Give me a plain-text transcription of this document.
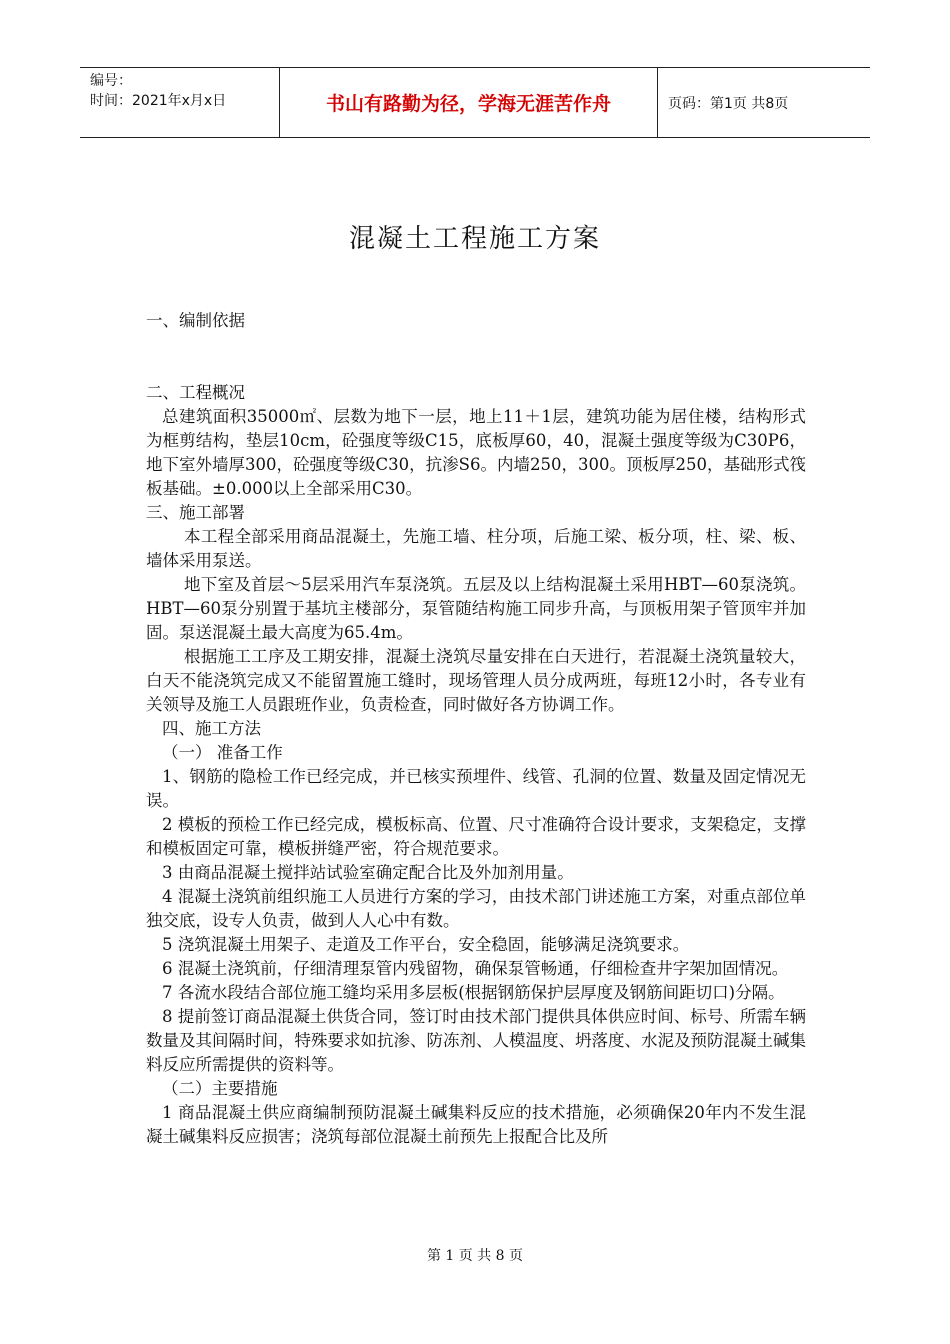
编号：
时间：2021年x月x日	书山有路勤为径，学海无涯苦作舟	页码：第1页 共8页
混凝土工程施工方案

一、编制依据

二、工程概况

总建筑面积35000㎡、层数为地下一层，地上11＋1层，建筑功能为居住楼，结构形式为框剪结构，垫层10cm，砼强度等级C15，底板厚60，40，混凝土强度等级为C30P6，地下室外墙厚300，砼强度等级C30，抗渗S6。内墙250，300。顶板厚250，基础形式筏板基础。±0.000以上全部采用C30。

三、施工部署

本工程全部采用商品混凝土，先施工墙、柱分项，后施工梁、板分项，柱、梁、板、墙体采用泵送。

地下室及首层～5层采用汽车泵浇筑。五层及以上结构混凝土采用HBT—60泵浇筑。HBT—60泵分别置于基坑主楼部分，泵管随结构施工同步升高，与顶板用架子管顶牢并加固。泵送混凝土最大高度为65.4m。

根据施工工序及工期安排，混凝土浇筑尽量安排在白天进行，若混凝土浇筑量较大，白天不能浇筑完成又不能留置施工缝时，现场管理人员分成两班，每班12小时，各专业有关领导及施工人员跟班作业，负责检查，同时做好各方协调工作。

四、施工方法

（一） 准备工作

1、钢筋的隐检工作已经完成，并已核实预埋件、线管、孔洞的位置、数量及固定情况无误。

2 模板的预检工作已经完成，模板标高、位置、尺寸准确符合设计要求，支架稳定，支撑和模板固定可靠，模板拼缝严密，符合规范要求。

3 由商品混凝土搅拌站试验室确定配合比及外加剂用量。

4 混凝土浇筑前组织施工人员进行方案的学习，由技术部门讲述施工方案，对重点部位单独交底，设专人负责，做到人人心中有数。

5 浇筑混凝土用架子、走道及工作平台，安全稳固，能够满足浇筑要求。

6 混凝土浇筑前，仔细清理泵管内残留物，确保泵管畅通，仔细检查井字架加固情况。

7 各流水段结合部位施工缝均采用多层板(根据钢筋保护层厚度及钢筋间距切口)分隔。

8 提前签订商品混凝土供货合同，签订时由技术部门提供具体供应时间、标号、所需车辆数量及其间隔时间，特殊要求如抗渗、防冻剂、人模温度、坍落度、水泥及预防混凝土碱集料反应所需提供的资料等。

（二）主要措施

1 商品混凝土供应商编制预防混凝土碱集料反应的技术措施，必须确保20年内不发生混凝土碱集料反应损害；浇筑每部位混凝土前预先上报配合比及所

第 1 页 共 8 页
